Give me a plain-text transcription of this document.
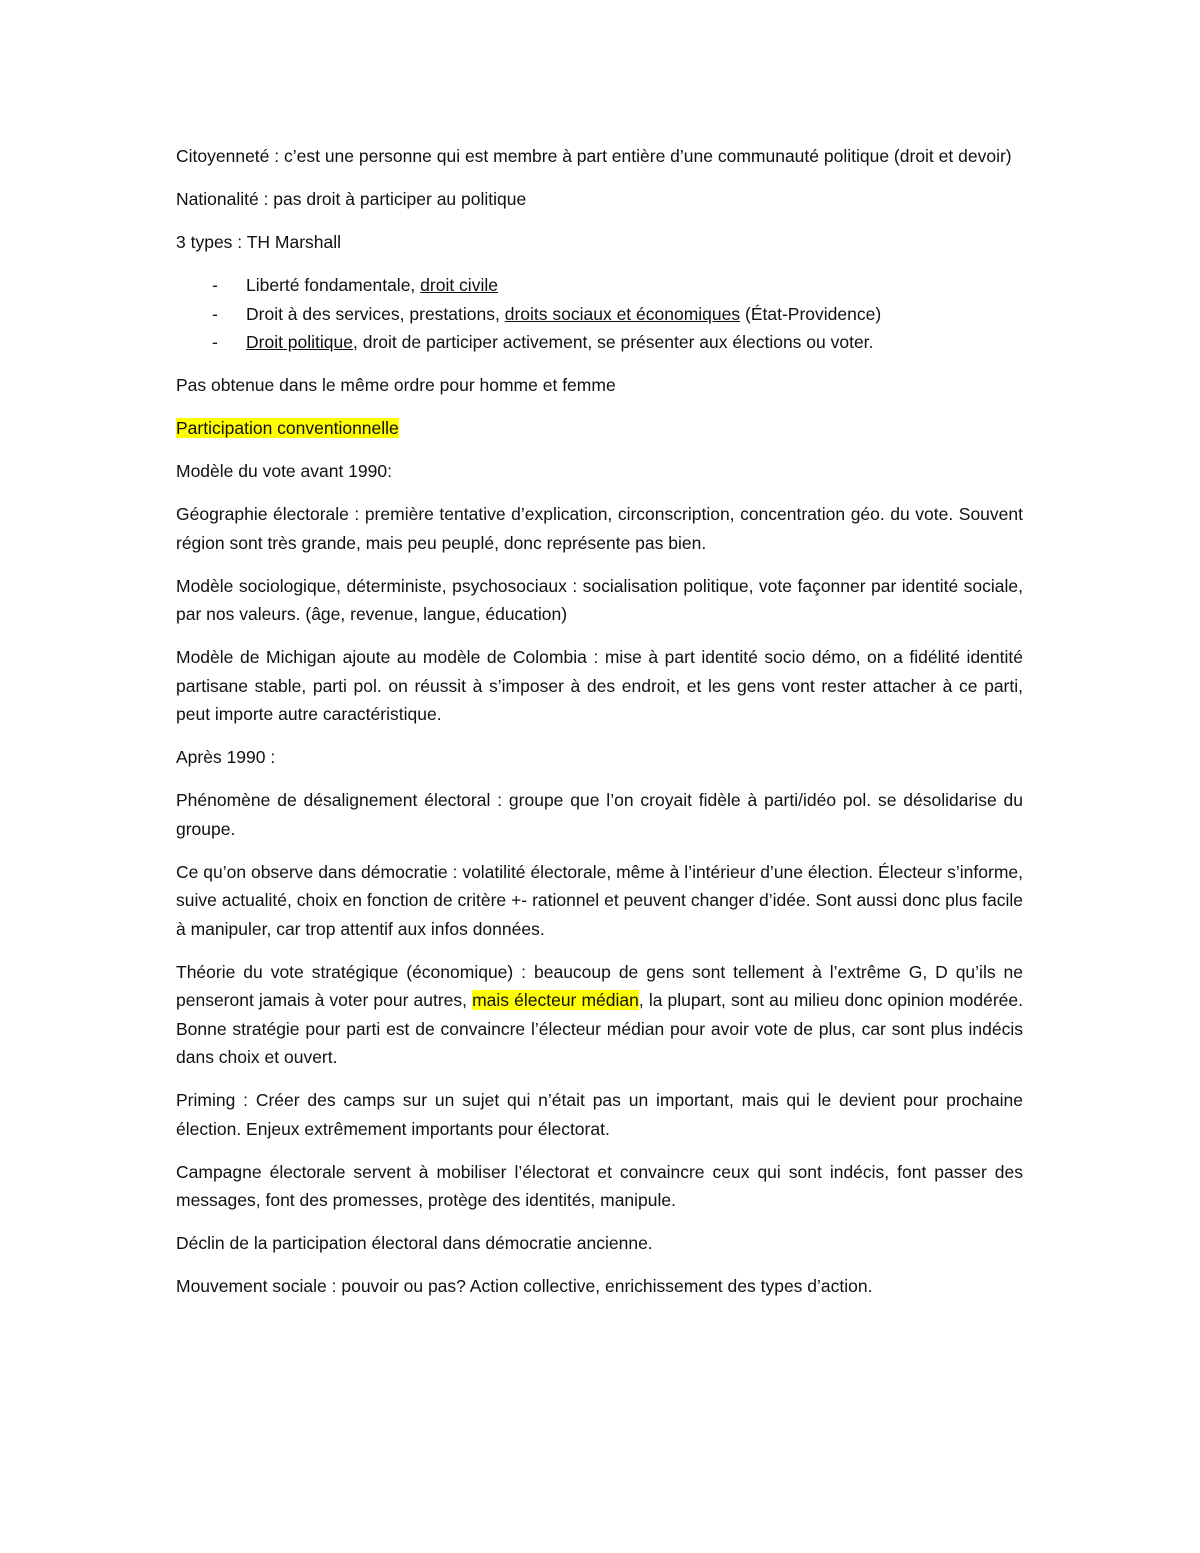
Citoyenneté : c’est une personne qui est membre à part entière d’une communauté politique (droit et devoir)

Nationalité : pas droit à participer au politique

3 types : TH Marshall

- Liberté fondamentale, droit civile
- Droit à des services, prestations, droits sociaux et économiques (État-Providence)
- Droit politique, droit de participer activement, se présenter aux élections ou voter.

Pas obtenue dans le même ordre pour homme et femme

Participation conventionnelle

Modèle du vote avant 1990:

Géographie électorale : première tentative d’explication, circonscription, concentration géo. du vote. Souvent région sont très grande, mais peu peuplé, donc représente pas bien.

Modèle sociologique, déterministe, psychosociaux : socialisation politique, vote façonner par identité sociale, par nos valeurs. (âge, revenue, langue, éducation)

Modèle de Michigan ajoute au modèle de Colombia : mise à part identité socio démo, on a fidélité identité partisane stable, parti pol. on réussit à s’imposer à des endroit, et les gens vont rester attacher à ce parti, peut importe autre caractéristique.

Après 1990 :

Phénomène de désalignement électoral : groupe que l’on croyait fidèle à parti/idéo pol. se désolidarise du groupe.

Ce qu’on observe dans démocratie : volatilité électorale, même à l’intérieur d’une élection. Électeur s’informe, suive actualité, choix en fonction de critère +- rationnel et peuvent changer d’idée. Sont aussi donc plus facile à manipuler, car trop attentif aux infos données.

Théorie du vote stratégique (économique) : beaucoup de gens sont tellement à l’extrême G, D qu’ils ne penseront jamais à voter pour autres, mais électeur médian, la plupart, sont au milieu donc opinion modérée. Bonne stratégie pour parti est de convaincre l’électeur médian pour avoir vote de plus, car sont plus indécis dans choix et ouvert.

Priming : Créer des camps sur un sujet qui n’était pas un important, mais qui le devient pour prochaine élection. Enjeux extrêmement importants pour électorat.

Campagne électorale servent à mobiliser l’électorat et convaincre ceux qui sont indécis, font passer des messages, font des promesses, protège des identités, manipule.

Déclin de la participation électoral dans démocratie ancienne.

Mouvement sociale : pouvoir ou pas? Action collective, enrichissement des types d’action.
